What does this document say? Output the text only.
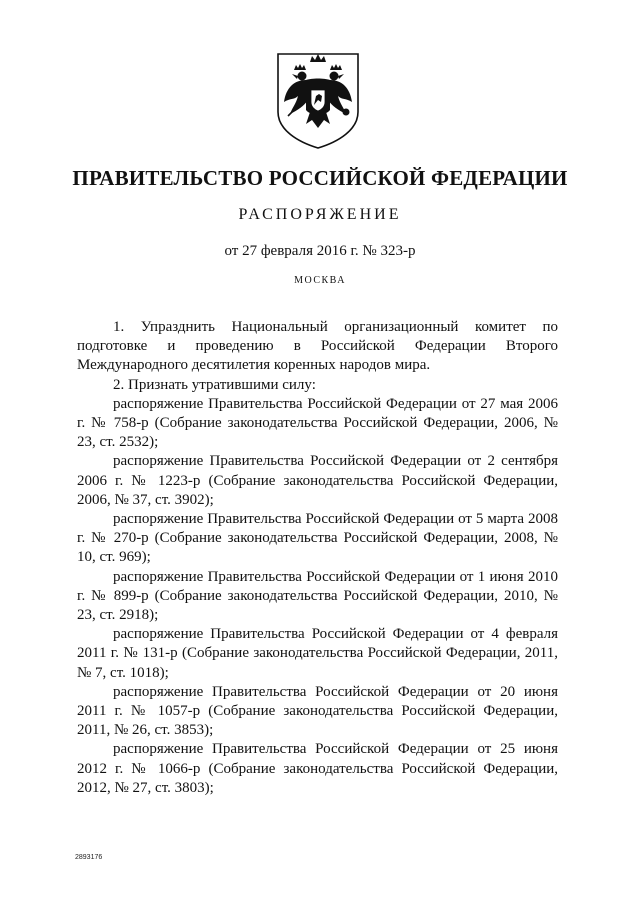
ПРАВИТЕЛЬСТВО РОССИЙСКОЙ ФЕДЕРАЦИИ
РАСПОРЯЖЕНИЕ
от 27 февраля 2016 г. № 323-р
МОСКВА

1. Упразднить Национальный организационный комитет по подготовке и проведению в Российской Федерации Второго Международного десятилетия коренных народов мира.

2. Признать утратившими силу:

распоряжение Правительства Российской Федерации от 27 мая 2006 г. № 758-р (Собрание законодательства Российской Федерации, 2006, № 23, ст. 2532);

распоряжение Правительства Российской Федерации от 2 сентября 2006 г. № 1223-р (Собрание законодательства Российской Федерации, 2006, № 37, ст. 3902);

распоряжение Правительства Российской Федерации от 5 марта 2008 г. № 270-р (Собрание законодательства Российской Федерации, 2008, № 10, ст. 969);

распоряжение Правительства Российской Федерации от 1 июня 2010 г. № 899-р (Собрание законодательства Российской Федерации, 2010, № 23, ст. 2918);

распоряжение Правительства Российской Федерации от 4 февраля 2011 г. № 131-р (Собрание законодательства Российской Федерации, 2011, № 7, ст. 1018);

распоряжение Правительства Российской Федерации от 20 июня 2011 г. № 1057-р (Собрание законодательства Российской Федерации, 2011, № 26, ст. 3853);

распоряжение Правительства Российской Федерации от 25 июня 2012 г. № 1066-р (Собрание законодательства Российской Федерации, 2012, № 27, ст. 3803);

2893176
